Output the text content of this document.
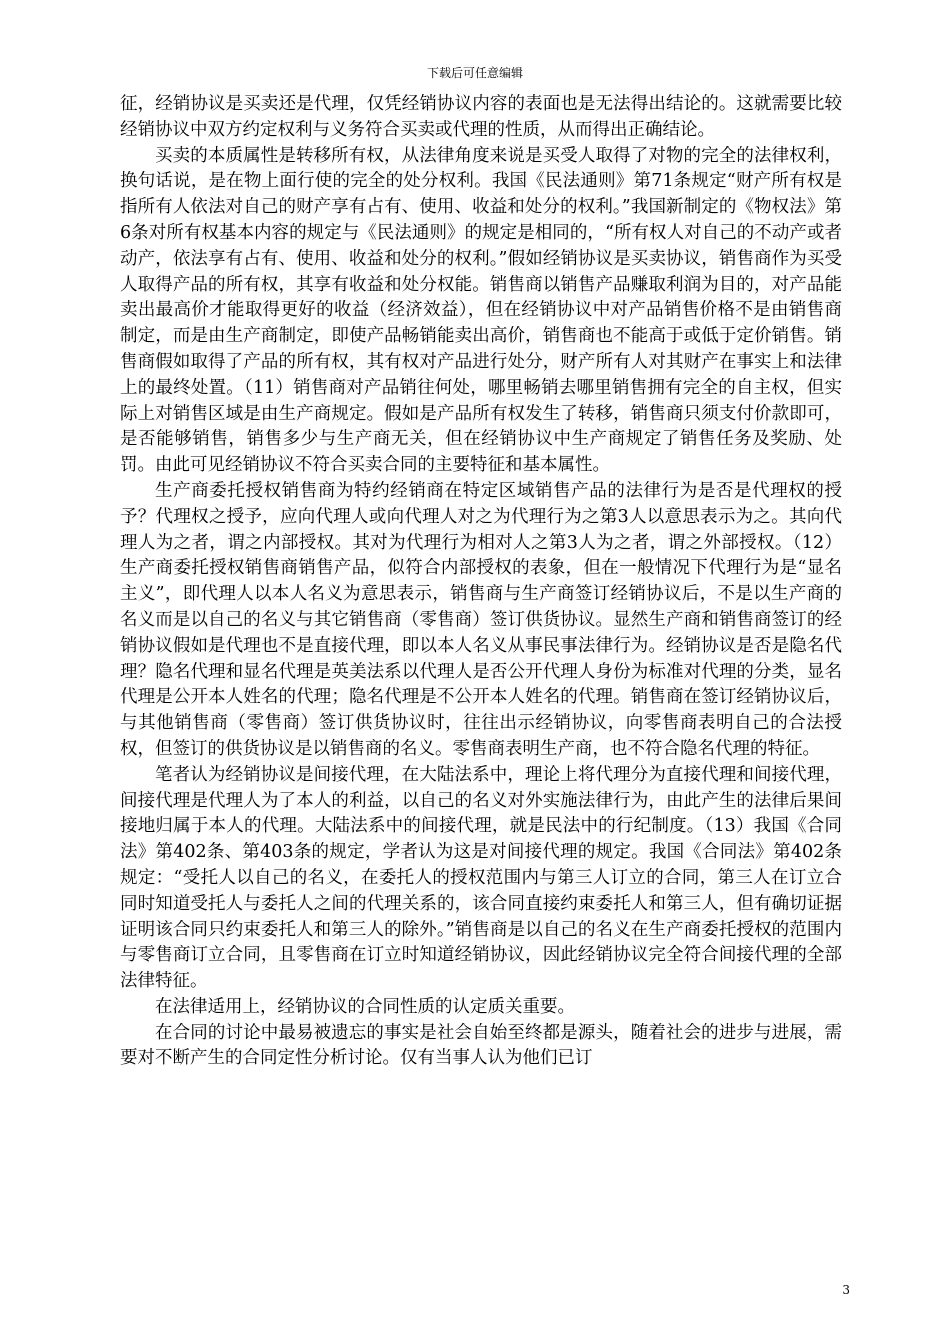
下载后可任意编辑

征，经销协议是买卖还是代理，仅凭经销协议内容的表面也是无法得出结论的。这就需要比较经销协议中双方约定权利与义务符合买卖或代理的性质，从而得出正确结论。

买卖的本质属性是转移所有权，从法律角度来说是买受人取得了对物的完全的法律权利，换句话说，是在物上面行使的完全的处分权利。我国《民法通则》第71条规定“财产所有权是指所有人依法对自己的财产享有占有、使用、收益和处分的权利。”我国新制定的《物权法》第6条对所有权基本内容的规定与《民法通则》的规定是相同的，“所有权人对自己的不动产或者动产，依法享有占有、使用、收益和处分的权利。”假如经销协议是买卖协议，销售商作为买受人取得产品的所有权，其享有收益和处分权能。销售商以销售产品赚取利润为目的，对产品能卖出最高价才能取得更好的收益（经济效益），但在经销协议中对产品销售价格不是由销售商制定，而是由生产商制定，即使产品畅销能卖出高价，销售商也不能高于或低于定价销售。销售商假如取得了产品的所有权，其有权对产品进行处分，财产所有人对其财产在事实上和法律上的最终处置。（11）销售商对产品销往何处，哪里畅销去哪里销售拥有完全的自主权，但实际上对销售区域是由生产商规定。假如是产品所有权发生了转移，销售商只须支付价款即可，是否能够销售，销售多少与生产商无关，但在经销协议中生产商规定了销售任务及奖励、处罚。由此可见经销协议不符合买卖合同的主要特征和基本属性。

生产商委托授权销售商为特约经销商在特定区域销售产品的法律行为是否是代理权的授予？代理权之授予，应向代理人或向代理人对之为代理行为之第3人以意思表示为之。其向代理人为之者，谓之内部授权。其对为代理行为相对人之第3人为之者，谓之外部授权。（12）生产商委托授权销售商销售产品，似符合内部授权的表象，但在一般情况下代理行为是“显名主义”，即代理人以本人名义为意思表示，销售商与生产商签订经销协议后，不是以生产商的名义而是以自己的名义与其它销售商（零售商）签订供货协议。显然生产商和销售商签订的经销协议假如是代理也不是直接代理，即以本人名义从事民事法律行为。经销协议是否是隐名代理？隐名代理和显名代理是英美法系以代理人是否公开代理人身份为标准对代理的分类，显名代理是公开本人姓名的代理；隐名代理是不公开本人姓名的代理。销售商在签订经销协议后，与其他销售商（零售商）签订供货协议时，往往出示经销协议，向零售商表明自己的合法授权，但签订的供货协议是以销售商的名义。零售商表明生产商，也不符合隐名代理的特征。

笔者认为经销协议是间接代理，在大陆法系中，理论上将代理分为直接代理和间接代理，间接代理是代理人为了本人的利益，以自己的名义对外实施法律行为，由此产生的法律后果间接地归属于本人的代理。大陆法系中的间接代理，就是民法中的行纪制度。（13）我国《合同法》第402条、第403条的规定，学者认为这是对间接代理的规定。我国《合同法》第402条规定：“受托人以自己的名义，在委托人的授权范围内与第三人订立的合同，第三人在订立合同时知道受托人与委托人之间的代理关系的，该合同直接约束委托人和第三人，但有确切证据证明该合同只约束委托人和第三人的除外。”销售商是以自己的名义在生产商委托授权的范围内与零售商订立合同，且零售商在订立时知道经销协议，因此经销协议完全符合间接代理的全部法律特征。

在法律适用上，经销协议的合同性质的认定质关重要。

在合同的讨论中最易被遗忘的事实是社会自始至终都是源头，随着社会的进步与进展，需要对不断产生的合同定性分析讨论。仅有当事人认为他们已订

3
